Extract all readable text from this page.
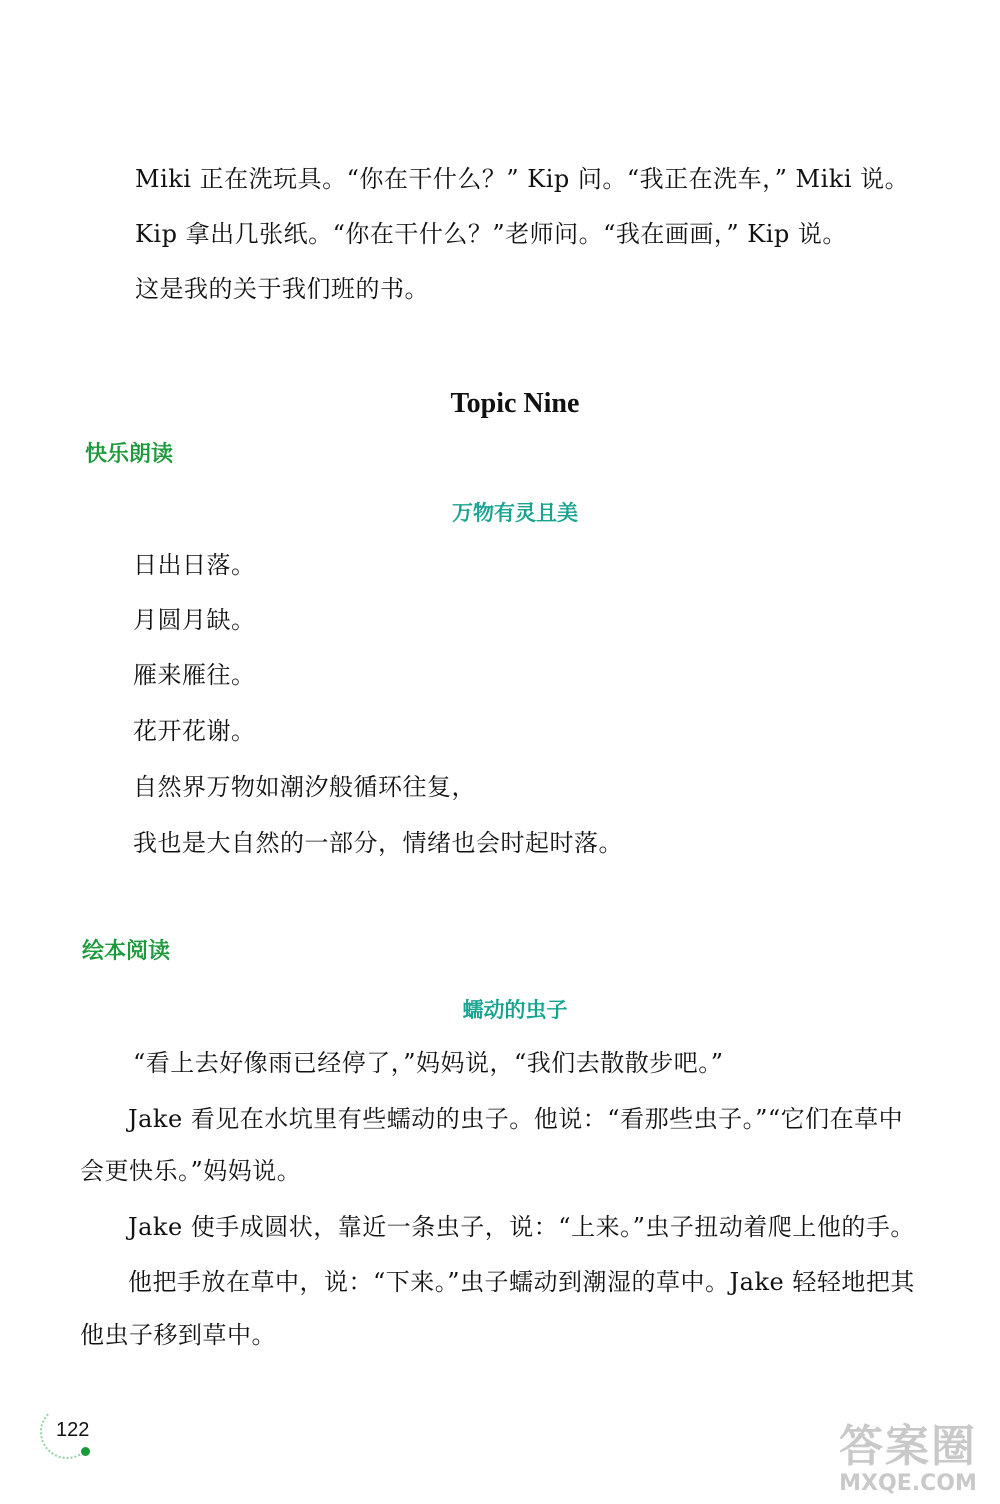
Miki 正在洗玩具。“你在干什么？” Kip 问。“我正在洗车，” Miki 说。

Kip 拿出几张纸。“你在干什么？”老师问。“我在画画，” Kip 说。

这是我的关于我们班的书。

Topic Nine
快乐朗读
万物有灵且美

日出日落。

月圆月缺。

雁来雁往。

花开花谢。

自然界万物如潮汐般循环往复，

我也是大自然的一部分，情绪也会时起时落。

绘本阅读
蠕动的虫子

“看上去好像雨已经停了，”妈妈说，“我们去散散步吧。”

Jake 看见在水坑里有些蠕动的虫子。他说：“看那些虫子。”“它们在草中

会更快乐。”妈妈说。

Jake 使手成圆状，靠近一条虫子，说：“上来。”虫子扭动着爬上他的手。

他把手放在草中，说：“下来。”虫子蠕动到潮湿的草中。Jake 轻轻地把其

他虫子移到草中。

122	答案圈
MXQE.COM
